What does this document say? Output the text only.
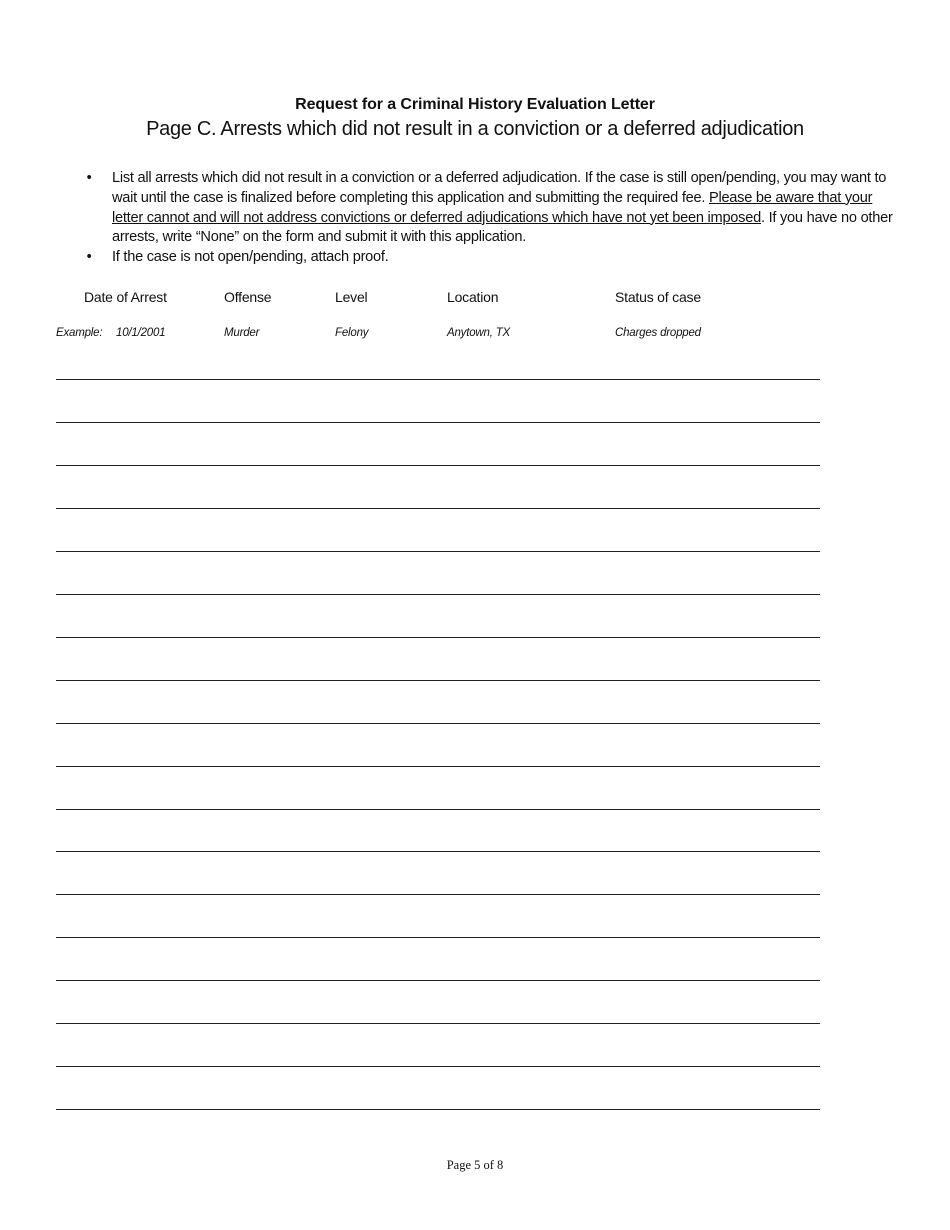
Request for a Criminal History Evaluation Letter
Page C. Arrests which did not result in a conviction or a deferred adjudication
• List all arrests which did not result in a conviction or a deferred adjudication. If the case is still open/pending, you may want to wait until the case is finalized before completing this application and submitting the required fee. Please be aware that your letter cannot and will not address convictions or deferred adjudications which have not yet been imposed. If you have no other arrests, write “None” on the form and submit it with this application.
• If the case is not open/pending, attach proof.
Date of Arrest	Offense	Level	Location	Status of case
Example: 10/1/2001	Murder	Felony	Anytown, TX	Charges dropped
Page 5 of 8
